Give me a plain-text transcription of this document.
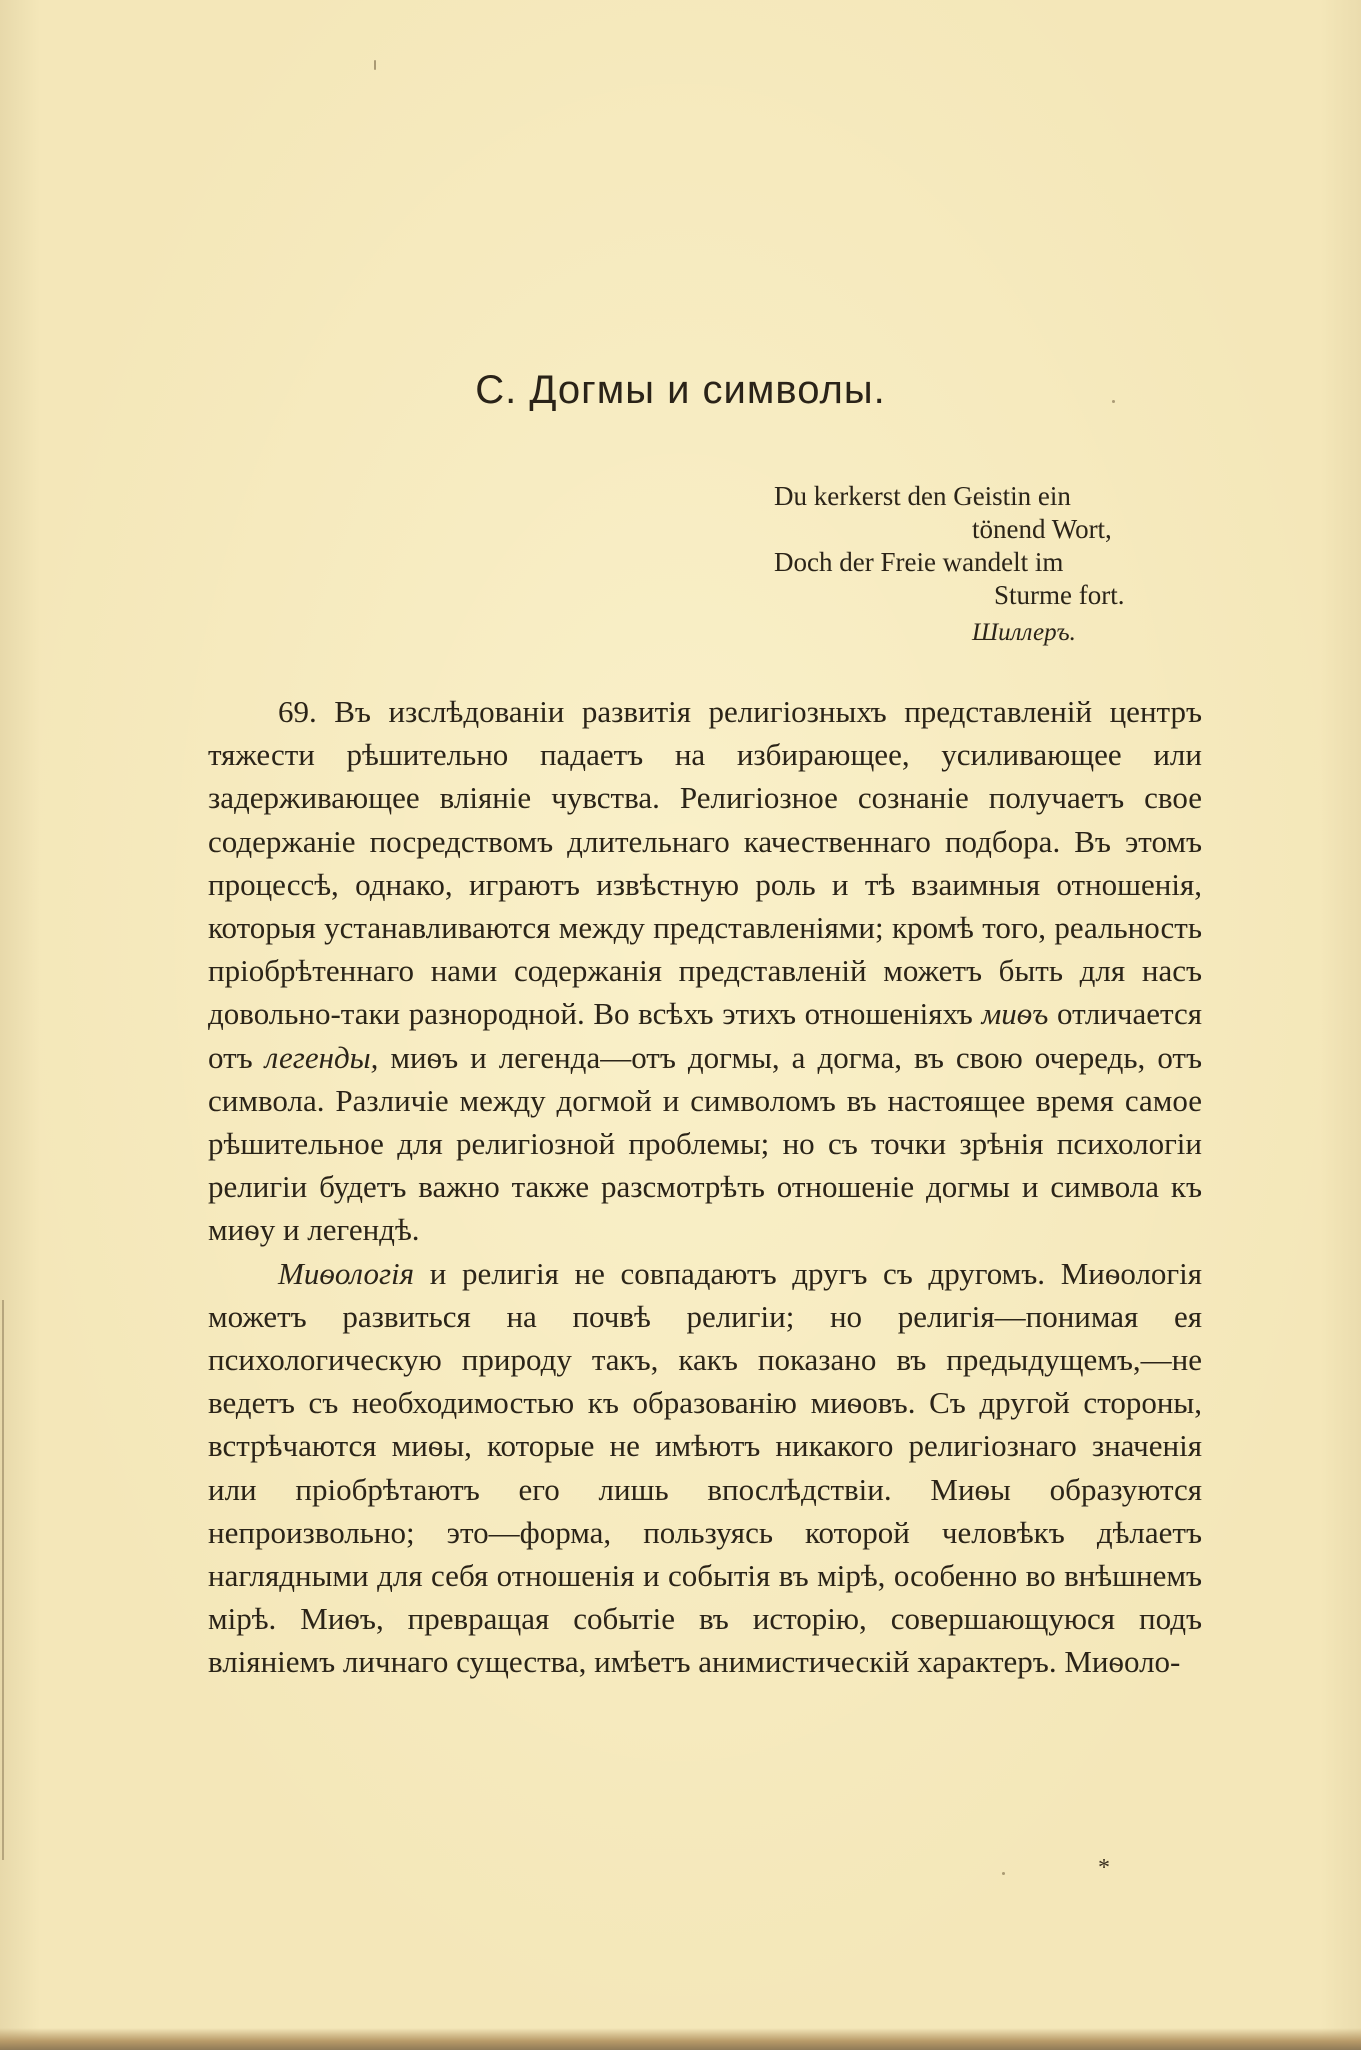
С. Догмы и символы.
Du kerkerst den Geistin ein
tönend Wort,
Doch der Freie wandelt im
Sturme fort.
Шиллеръ.

69. Въ изслѣдованіи развитія религіозныхъ представленій центръ тяжести рѣшительно падаетъ на избирающее, усиливающее или задерживающее вліяніе чувства. Религіозное сознаніе получаетъ свое содержаніе посредствомъ длительнаго качественнаго подбора. Въ этомъ процессѣ, однако, играютъ извѣстную роль и тѣ взаимныя отношенія, которыя устанавливаются между представленіями; кромѣ того, реальность пріобрѣтеннаго нами содержанія представленій можетъ быть для насъ довольно-таки разнородной. Во всѣхъ этихъ отношеніяхъ миѳъ отличается отъ легенды, миѳъ и легенда—отъ догмы, а догма, въ свою очередь, отъ символа. Различіе между догмой и символомъ въ настоящее время самое рѣшительное для религіозной проблемы; но съ точки зрѣнія психологіи религіи будетъ важно также разсмотрѣть отношеніе догмы и символа къ миѳу и легендѣ.

Миѳологія и религія не совпадаютъ другъ съ другомъ. Миѳологія можетъ развиться на почвѣ религіи; но религія—понимая ея психологическую природу такъ, какъ показано въ предыдущемъ,—не ведетъ съ необходимостью къ образованію миѳовъ. Съ другой стороны, встрѣчаются миѳы, которые не имѣютъ никакого религіознаго значенія или пріобрѣтаютъ его лишь впослѣдствіи. Миѳы образуются непроизвольно; это—форма, пользуясь которой человѣкъ дѣлаетъ наглядными для себя отношенія и событія въ мірѣ, особенно во внѣшнемъ мірѣ. Миѳъ, превращая событіе въ исторію, совершающуюся подъ вліяніемъ личнаго существа, имѣетъ анимистическій характеръ. Миѳоло-

*
